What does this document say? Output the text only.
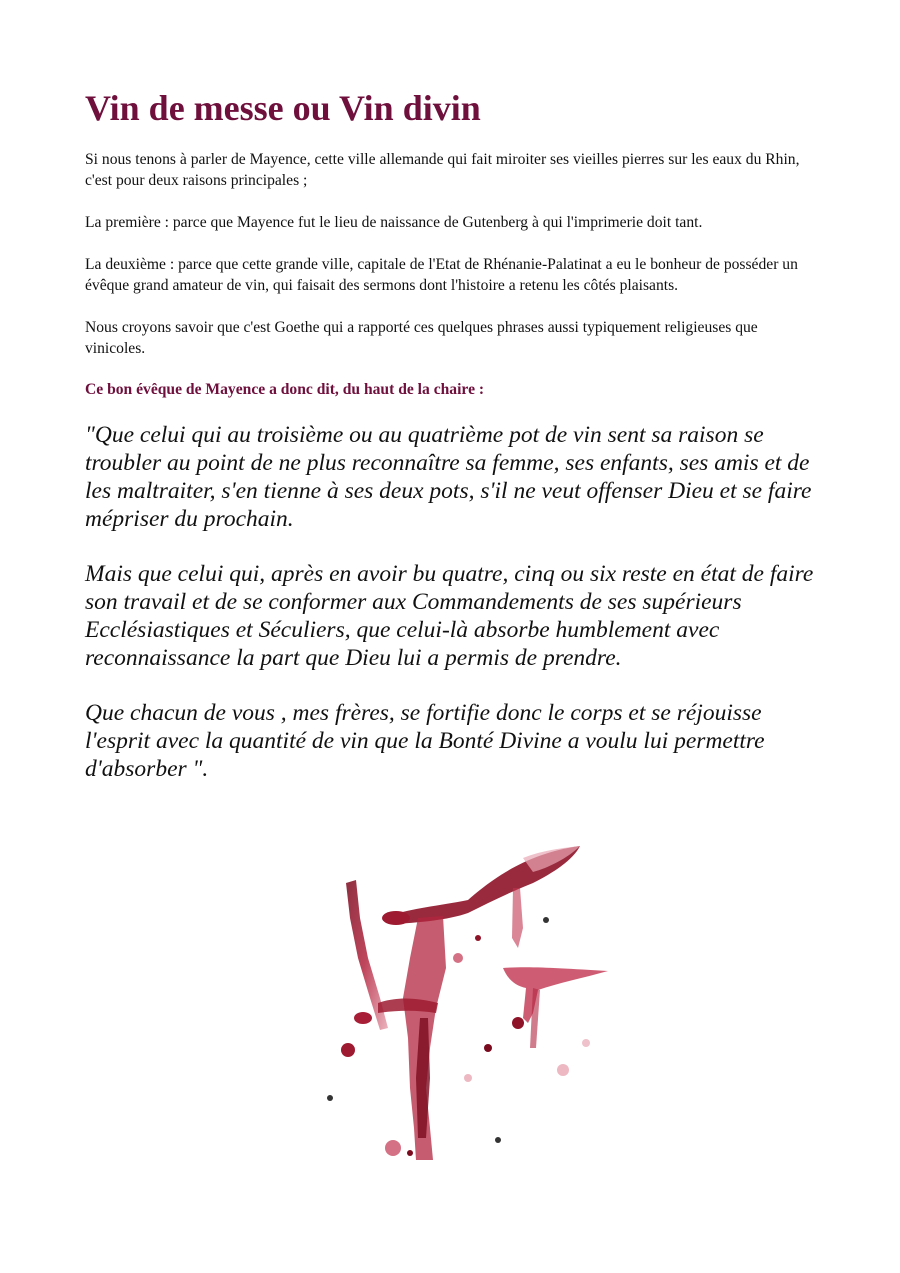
Vin de messe ou Vin divin

Si nous tenons à parler de Mayence, cette ville allemande qui fait miroiter ses vieilles pierres sur les eaux du Rhin, c'est pour deux raisons principales ;

La première : parce que Mayence fut le lieu de naissance de Gutenberg à qui l'imprimerie doit tant.

La deuxième : parce que cette grande ville, capitale de l'Etat de Rhénanie-Palatinat a eu le bonheur de posséder un évêque grand amateur de vin, qui faisait des sermons dont l'histoire a retenu les côtés plaisants.

Nous croyons savoir que c'est Goethe qui a rapporté ces quelques phrases aussi typiquement religieuses que vinicoles.

Ce bon évêque de Mayence a donc dit, du haut de la chaire :

"Que celui qui au troisième ou au quatrième pot de vin sent sa raison se troubler au point de ne plus reconnaître sa femme, ses enfants, ses amis et de les maltraiter, s'en tienne à ses deux pots, s'il ne veut offenser Dieu et se faire mépriser du prochain.

Mais que celui qui, après en avoir bu quatre, cinq ou six reste en état de faire son travail et de se conformer aux Commandements de ses supérieurs Ecclésiastiques et Séculiers, que celui-là absorbe humblement avec reconnaissance la part que Dieu lui a permis de prendre.

Que chacun de vous , mes frères, se fortifie donc le corps et se réjouisse l'esprit avec la quantité de vin que la Bonté Divine a voulu lui permettre d'absorber ".
